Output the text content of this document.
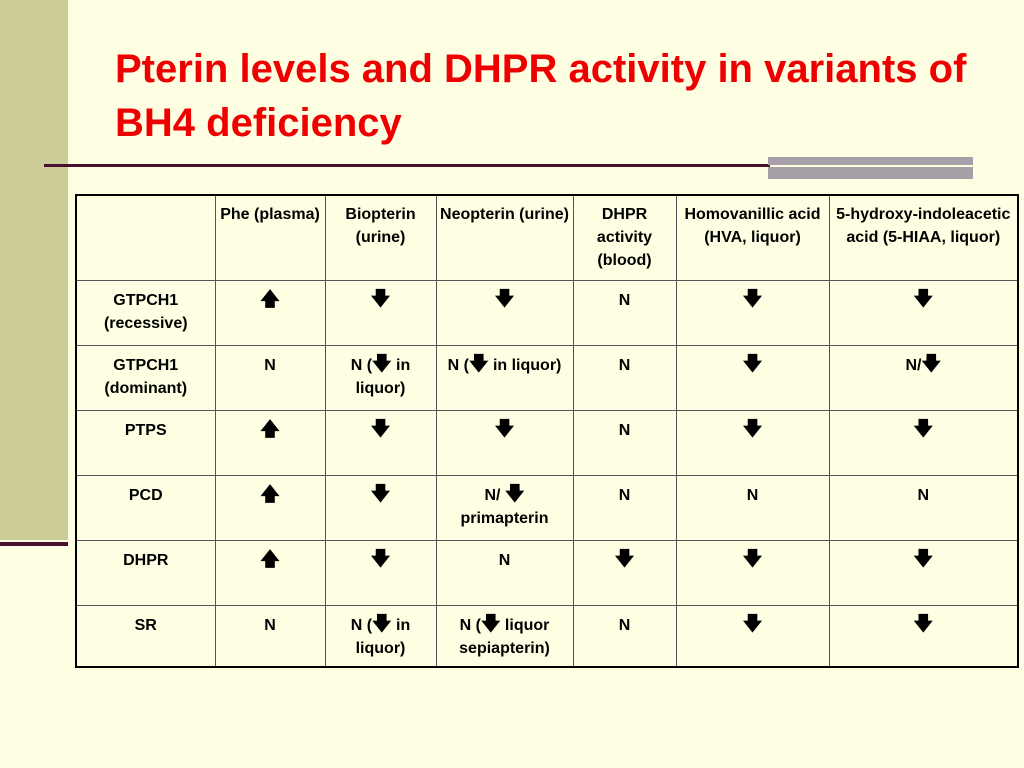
Pterin levels and DHPR activity in variants of BH4 deficiency
	Phe (plasma)	Biopterin (urine)	Neopterin (urine)	DHPR activity (blood)	Homovanillic acid (HVA, liquor)	5-hydroxy-indoleacetic acid (5-HIAA, liquor)
GTPCH1 (recessive)	🡅	🡇	🡇	N	🡇	🡇
GTPCH1 (dominant)	N	N (🡇 in liquor)	N (🡇 in liquor)	N	🡇	N/🡇
PTPS	🡅	🡇	🡇	N	🡇	🡇
PCD	🡅	🡇	N/ 🡇 primapterin	N	N	N
DHPR	🡅	🡇	N	🡇	🡇	🡇
SR	N	N (🡇 in liquor)	N (🡇 liquor sepiapterin)	N	🡇	🡇
